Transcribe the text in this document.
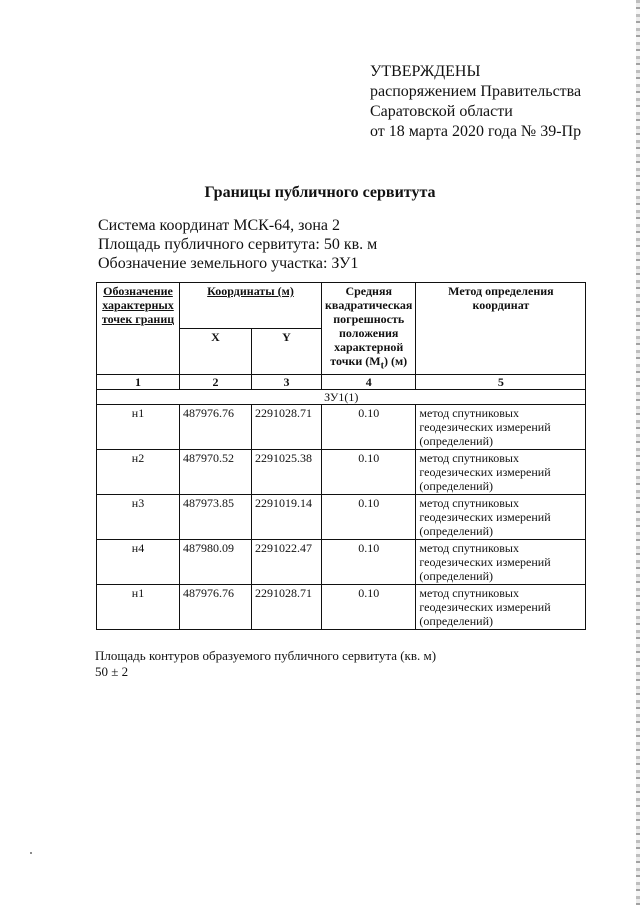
УТВЕРЖДЕНЫ
распоряжением Правительства
Саратовской области
от 18 марта 2020 года № 39-Пр
Границы публичного сервитута
Система координат МСК-64, зона 2
Площадь публичного сервитута: 50 кв. м
Обозначение земельного участка: ЗУ1
Обозначение характерных точек границ	Координаты (м)		Средняя квадратическая погрешность положения характерной точки $(M_t)$ (м)	Метод определения координат
	X	Y		
1	2	3	4	5
ЗУ1(1)				
н1	487976.76	2291028.71	0.10	метод спутниковых геодезических измерений (определений)
н2	487970.52	2291025.38	0.10	метод спутниковых геодезических измерений (определений)
н3	487973.85	2291019.14	0.10	метод спутниковых геодезических измерений (определений)
н4	487980.09	2291022.47	0.10	метод спутниковых геодезических измерений (определений)
н1	487976.76	2291028.71	0.10	метод спутниковых геодезических измерений (определений)
Площадь контуров образуемого публичного сервитута (кв. м)
50 ± 2
